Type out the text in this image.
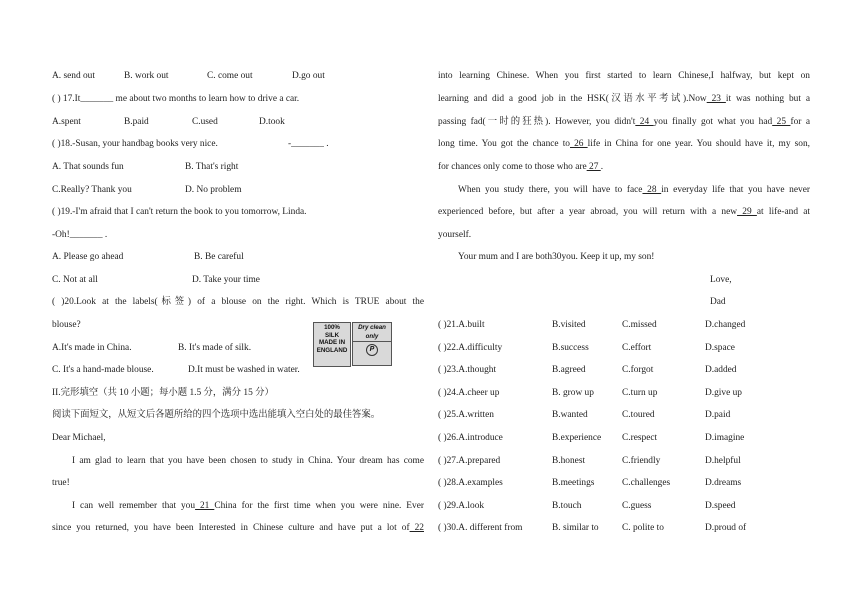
A. send out	B. work out	C. come out	D.go out
( ) 17.It_______ me about two months to learn how to drive a car.
A.spent	B.paid	C.used	D.took
( )18.-Susan, your handbag books very nice.	-_______ .
A. That sounds fun	B. That's right
C.Really? Thank you	D. No problem
( )19.-I'm afraid that I can't return the book to you tomorrow, Linda.
-Oh!_______ .
A. Please go ahead	B. Be careful
C. Not at all	D. Take your time
( )20.Look at the labels(标签) of a blouse on the right. Which is TRUE about the
blouse?
A.It's made in China.	B. It's made of silk.
C. It's a hand-made blouse.	D.It must be washed in water.
II.完形填空（共 10 小题；每小题 1.5 分，满分 15 分）
阅读下面短文，从短文后各题所给的四个选项中选出能填入空白处的最佳答案。
Dear Michael,
I am glad to learn that you have been chosen to study in China. Your dream has come
true!
I can well remember that you 21 China for the first time when you were nine. Ever
since you returned, you have been Interested in Chinese culture and have put a lot of 22
100%
SILK
MADE IN
ENGLAND
Dry clean only
P
into learning Chinese. When you first started to learn Chinese,I halfway, but kept on
learning and did a good job in the HSK(汉语水平考试).Now 23 it was nothing but a
passing fad(一时的狂热). However, you didn't 24 you finally got what you had 25 for a
long time. You got the chance to 26 life in China for one year. You should have it, my son,
for chances only come to those who are 27 .
When you study there, you will have to face 28 in everyday life that you have never
experienced before, but after a year abroad, you will return with a new 29 at life-and at
yourself.
Your mum and I are both30you. Keep it up, my son!
Love,
Dad
( )21.A.built	B.visited	C.missed	D.changed
( )22.A.difficulty	B.success	C.effort	D.space
( )23.A.thought	B.agreed	C.forgot	D.added
( )24.A.cheer up	B. grow up	C.turn up	D.give up
( )25.A.written	B.wanted	C.toured	D.paid
( )26.A.introduce	B.experience C.respect	D.imagine
( )27.A.prepared	B.honest	C.friendly	D.helpful
( )28.A.examples	B.meetings	C.challenges	D.dreams
( )29.A.look	B.touch	C.guess	D.speed
( )30.A. different from	B. similar to C. polite to	D.proud of
